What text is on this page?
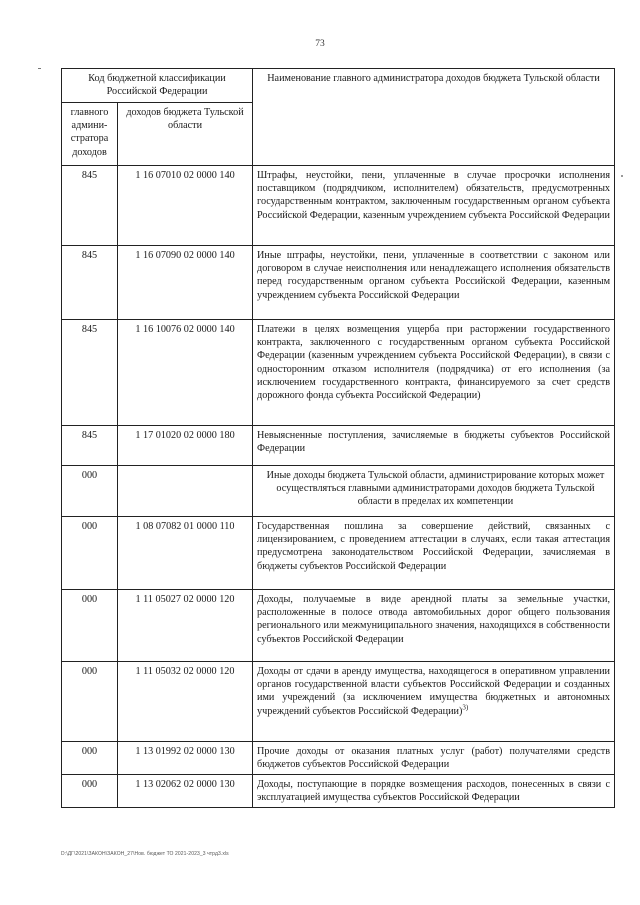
73
Код бюджетной классификации Российской Федерации		Наименование главного администратора доходов бюджета Тульской области
главного админи-стратора доходов	доходов бюджета Тульской области	
845	1 16 07010 02 0000 140	Штрафы, неустойки, пени, уплаченные в случае просрочки исполнения поставщиком (подрядчиком, исполнителем) обязательств, предусмотренных государственным контрактом, заключенным государственным органом субъекта Российской Федерации, казенным учреждением субъекта Российской Федерации
845	1 16 07090 02 0000 140	Иные штрафы, неустойки, пени, уплаченные в соответствии с законом или договором в случае неисполнения или ненадлежащего исполнения обязательств перед государственным органом субъекта Российской Федерации, казенным учреждением субъекта Российской Федерации
845	1 16 10076 02 0000 140	Платежи в целях возмещения ущерба при расторжении государственного контракта, заключенного с государственным органом субъекта Российской Федерации (казенным учреждением субъекта Российской Федерации), в связи с односторонним отказом исполнителя (подрядчика) от его исполнения (за исключением государственного контракта, финансируемого за счет средств дорожного фонда субъекта Российской Федерации)
845	1 17 01020 02 0000 180	Невыясненные поступления, зачисляемые в бюджеты субъектов Российской Федерации
000		Иные доходы бюджета Тульской области, администрирование которых может осуществляться главными администраторами доходов бюджета Тульской области в пределах их компетенции
000	1 08 07082 01 0000 110	Государственная пошлина за совершение действий, связанных с лицензированием, с проведением аттестации в случаях, если такая аттестация предусмотрена законодательством Российской Федерации, зачисляемая в бюджеты субъектов Российской Федерации
000	1 11 05027 02 0000 120	Доходы, получаемые в виде арендной платы за земельные участки, расположенные в полосе отвода автомобильных дорог общего пользования регионального или межмуниципального значения, находящихся в собственности субъектов Российской Федерации
000	1 11 05032 02 0000 120	Доходы от сдачи в аренду имущества, находящегося в оперативном управлении органов государственной власти субъектов Российской Федерации и созданных ими учреждений (за исключением имущества бюджетных и автономных учреждений субъектов Российской Федерации)$^{3)}$
000	1 13 01992 02 0000 130	Прочие доходы от оказания платных услуг (работ) получателями средств бюджетов субъектов Российской Федерации
000	1 13 02062 02 0000 130	Доходы, поступающие в порядке возмещения расходов, понесенных в связи с эксплуатацией имущества субъектов Российской Федерации
D:\ДГ\2021\ЗАКОН\ЗАКОН_27\Нов. бюджет ТО 2021-2023_3 чтрд3.xls
